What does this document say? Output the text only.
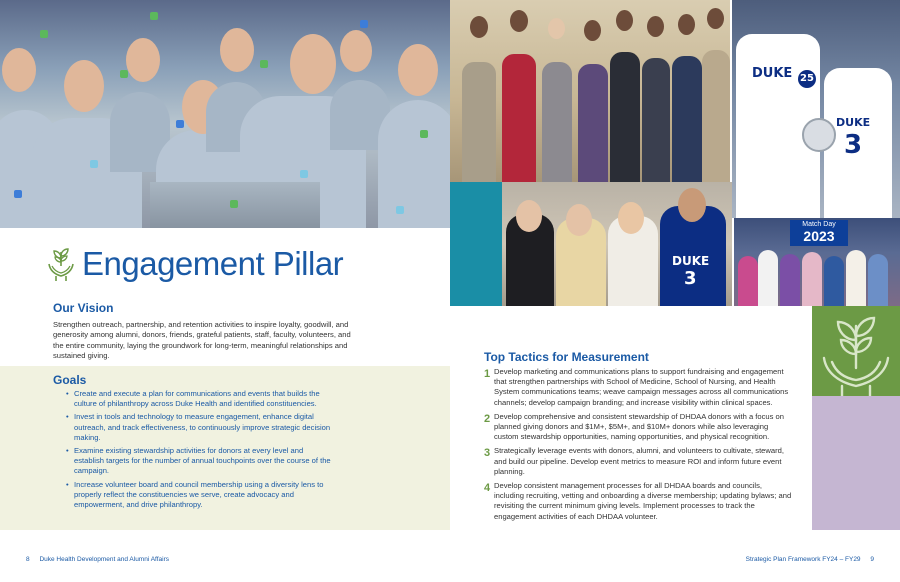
Engagement Pillar
Our Vision

Strengthen outreach, partnership, and retention activities to inspire loyalty, goodwill, and generosity among alumni, donors, friends, grateful patients, staff, faculty, volunteers, and the entire community, laying the groundwork for long-term, meaningful relationships and sustained giving.

Goals
• Create and execute a plan for communications and events that builds the culture of philanthropy across Duke Health and identified constituencies.
• Invest in tools and technology to measure engagement, enhance digital outreach, and track effectiveness, to continuously improve strategic decision making.
• Examine existing stewardship activities for donors at every level and establish targets for the number of annual touchpoints over the course of the campaign.
• Increase volunteer board and council membership using a diversity lens to properly reflect the constituencies we serve, create advocacy and empowerment, and drive philanthropy.
8 Duke Health Development and Alumni Affairs
DUKE 25
DUKE
3
DUKE
3
Match Day
2023
Top Tactics for Measurement
1 Develop marketing and communications plans to support fundraising and engagement that strengthen partnerships with School of Medicine, School of Nursing, and Health System communications teams; weave campaign messages across all communications channels; develop campaign branding; and increase visibility within clinical spaces.
2 Develop comprehensive and consistent stewardship of DHDAA donors with a focus on planned giving donors and $1M+, $5M+, and $10M+ donors while also leveraging custom stewardship opportunities, naming opportunities, and physical recognition.
3 Strategically leverage events with donors, alumni, and volunteers to cultivate, steward, and build our pipeline. Develop event metrics to measure ROI and inform future event planning.
4 Develop consistent management processes for all DHDAA boards and councils, including recruiting, vetting and onboarding a diverse membership; updating bylaws; and revisiting the current minimum giving levels. Implement processes to track the engagement activities of each DHDAA volunteer.
Strategic Plan Framework FY24 – FY29 9
